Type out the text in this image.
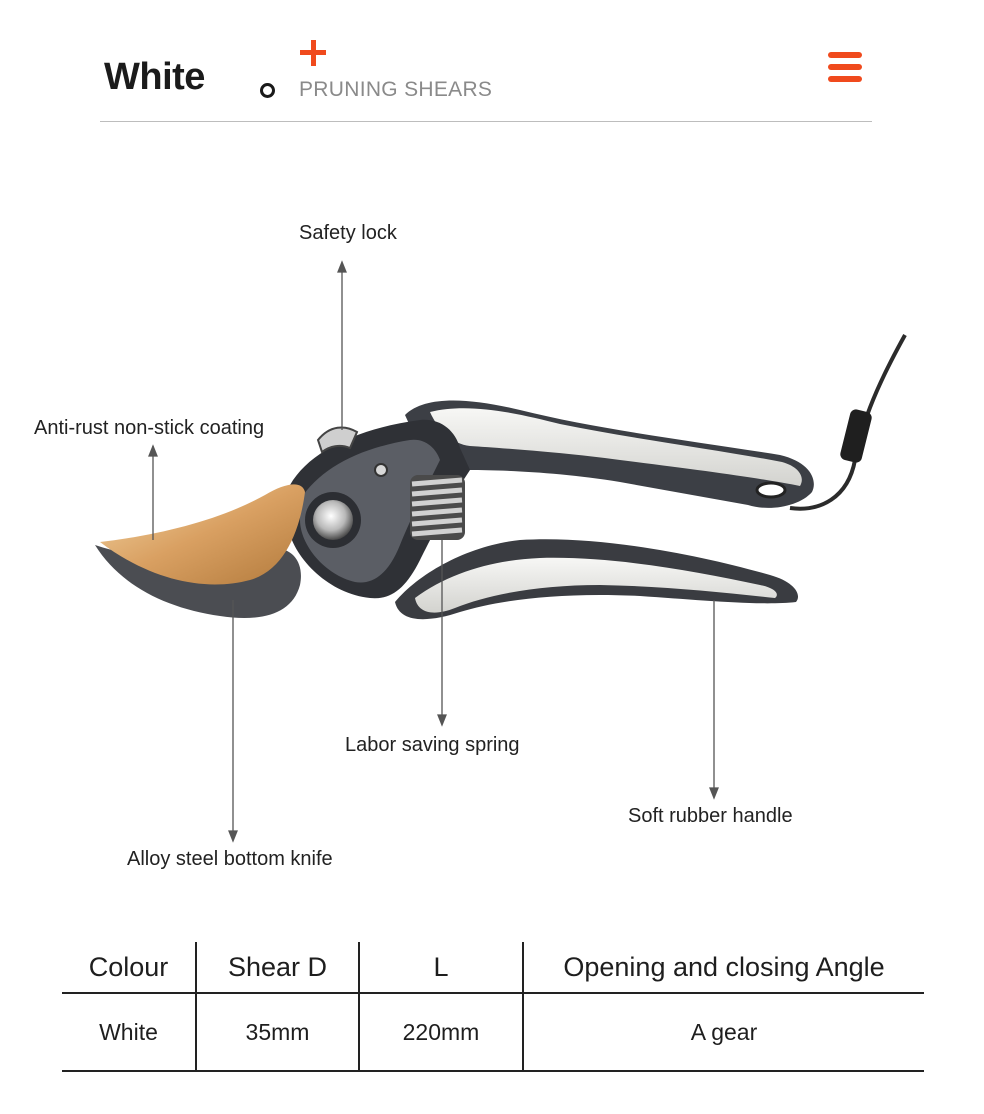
White	PRUNING SHEARS
Safety lock
Anti-rust non-stick coating
Labor saving spring
Soft rubber handle
Alloy steel bottom knife
Colour	Shear D	L	Opening and closing Angle
White	35mm	220mm	A gear
